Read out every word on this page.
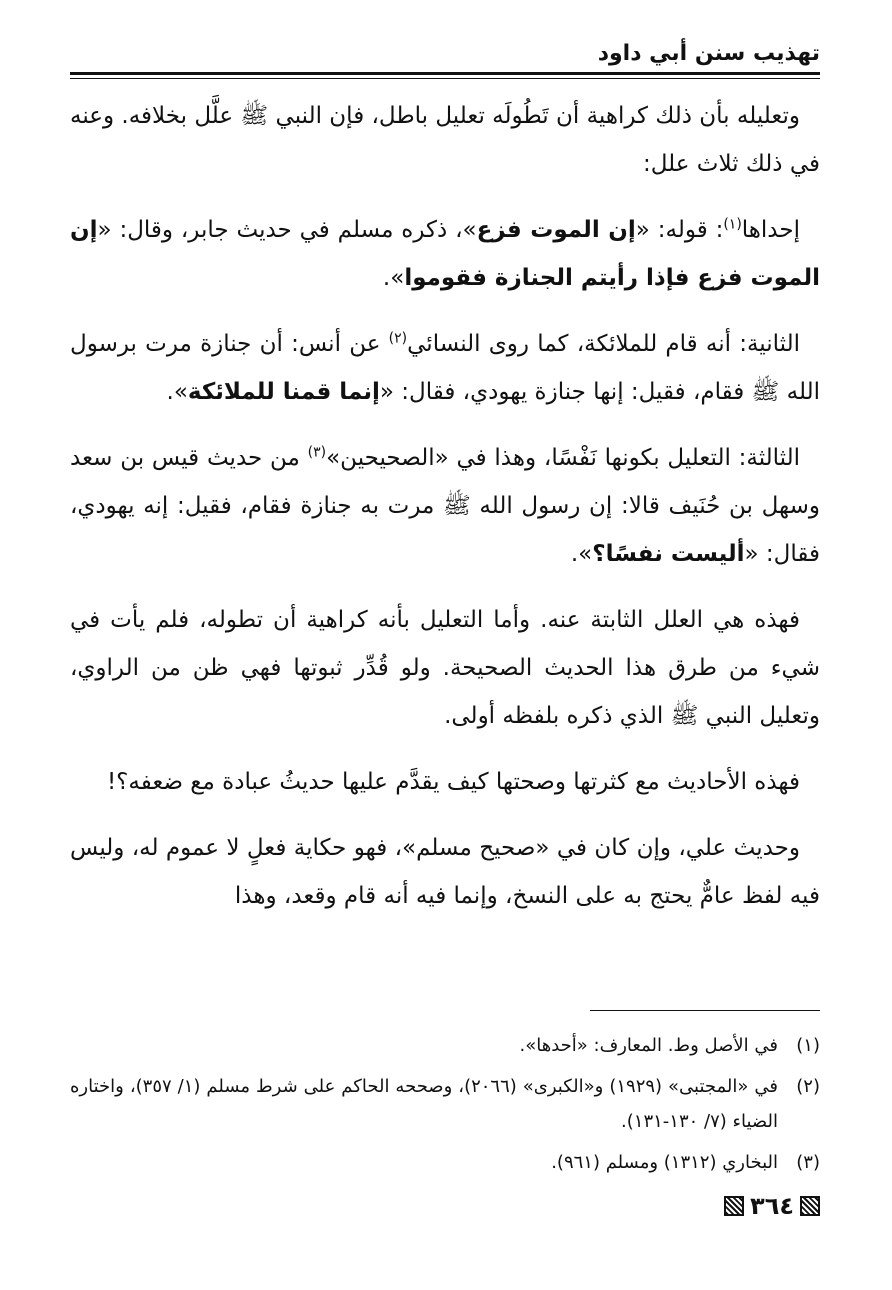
تهذيب سنن أبي داود

وتعليله بأن ذلك كراهية أن تَطُولَه تعليل باطل، فإن النبي ﷺ علَّل بخلافه. وعنه في ذلك ثلاث علل:

إحداها$^{(١)}$: قوله: «إن الموت فزع»، ذكره مسلم في حديث جابر، وقال: «إن الموت فزع فإذا رأيتم الجنازة فقوموا».

الثانية: أنه قام للملائكة، كما روى النسائي$^{(٢)}$ عن أنس: أن جنازة مرت برسول الله ﷺ فقام، فقيل: إنها جنازة يهودي، فقال: «إنما قمنا للملائكة».

الثالثة: التعليل بكونها نَفْسًا، وهذا في «الصحيحين»$^{(٣)}$ من حديث قيس بن سعد وسهل بن حُنَيف قالا: إن رسول الله ﷺ مرت به جنازة فقام، فقيل: إنه يهودي، فقال: «أليست نفسًا؟».

فهذه هي العلل الثابتة عنه. وأما التعليل بأنه كراهية أن تطوله، فلم يأت في شيء من طرق هذا الحديث الصحيحة. ولو قُدِّر ثبوتها فهي ظن من الراوي، وتعليل النبي ﷺ الذي ذكره بلفظه أولى.

فهذه الأحاديث مع كثرتها وصحتها كيف يقدَّم عليها حديثُ عبادة مع ضعفه؟!

وحديث علي، وإن كان في «صحيح مسلم»، فهو حكاية فعلٍ لا عموم له، وليس فيه لفظ عامٌّ يحتج به على النسخ، وإنما فيه أنه قام وقعد، وهذا

(١)
في الأصل وط. المعارف: «أحدها».
(٢)
في «المجتبى» (١٩٢٩) و«الكبرى» (٢٠٦٦)، وصححه الحاكم على شرط مسلم (١/ ٣٥٧)، واختاره الضياء (٧/ ١٣٠-١٣١).
(٣)
البخاري (١٣١٢) ومسلم (٩٦١).
٣٦٤
